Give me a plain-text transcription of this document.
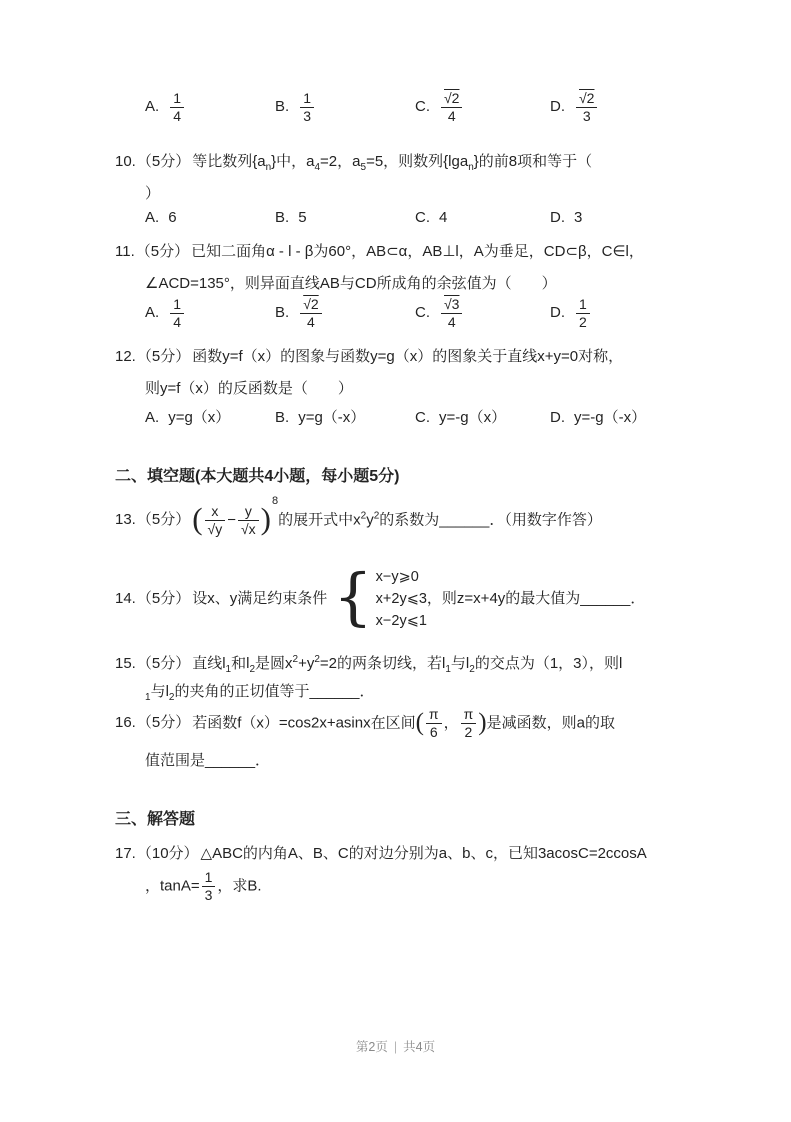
A. $\frac{1}{4}$	B. $\frac{1}{3}$	C. $\frac{√2}{4}$	D. $\frac{√2}{3}$
10.（5分） 等比数列$\{a_n\}$中，$a_4=2$，$a_5=5$，则数列{lga$_n$}的前8项和等于（
）
A. 6	B. 5	C. 4	D. 3
11.（5分） 已知二面角α - l - β为60°，AB⊂α，AB⊥l，A为垂足，CD⊂β，C∈l，
∠ACD=135°，则异面直线AB与CD所成角的余弦值为（　　）
A. $\frac{1}{4}$	B. $\frac{√2}{4}$	C. $\frac{√3}{4}$	D. $\frac{1}{2}$
12.（5分） 函数y=f（x）的图象与函数y=g（x）的图象关于直线x+y=0对称，
则y=f（x）的反函数是（　　）
A. y=g（x）	B. y=g（-x）	C. y=-g（x）	D. y=-g（-x）
二、填空题(本大题共4小题，每小题5分)
13.（5分）( $\frac{x}{√y} - \frac{y}{√x} )^8$的展开式中$x^2y^2$的系数为______．（用数字作答）
14.（5分） 设x、y满足约束条件{ x−y⩾0
x+2y⩽3
x−2y⩽1
，则z=x+4y的最大值为______．
15.（5分） 直线$l_1$和$l_2$是圆$x^2+y^2=2$的两条切线，若$l_1$与$l_2$的交点为（1，3），则l
$_1$与$l_2$的夹角的正切值等于______．
16.（5分） 若函数f（x）=cos2x+asinx在区间( $\frac{\pi}{6}$ ， $\frac{\pi}{2}$ )是减函数，则a的取
值范围是______．
三、解答题
17.（10分） △ABC的内角A、B、C的对边分别为a、b、c，已知3acosC=2ccosA
，$\tan A= \frac{1}{3}$ ，求B.
第2页 | 共4页
